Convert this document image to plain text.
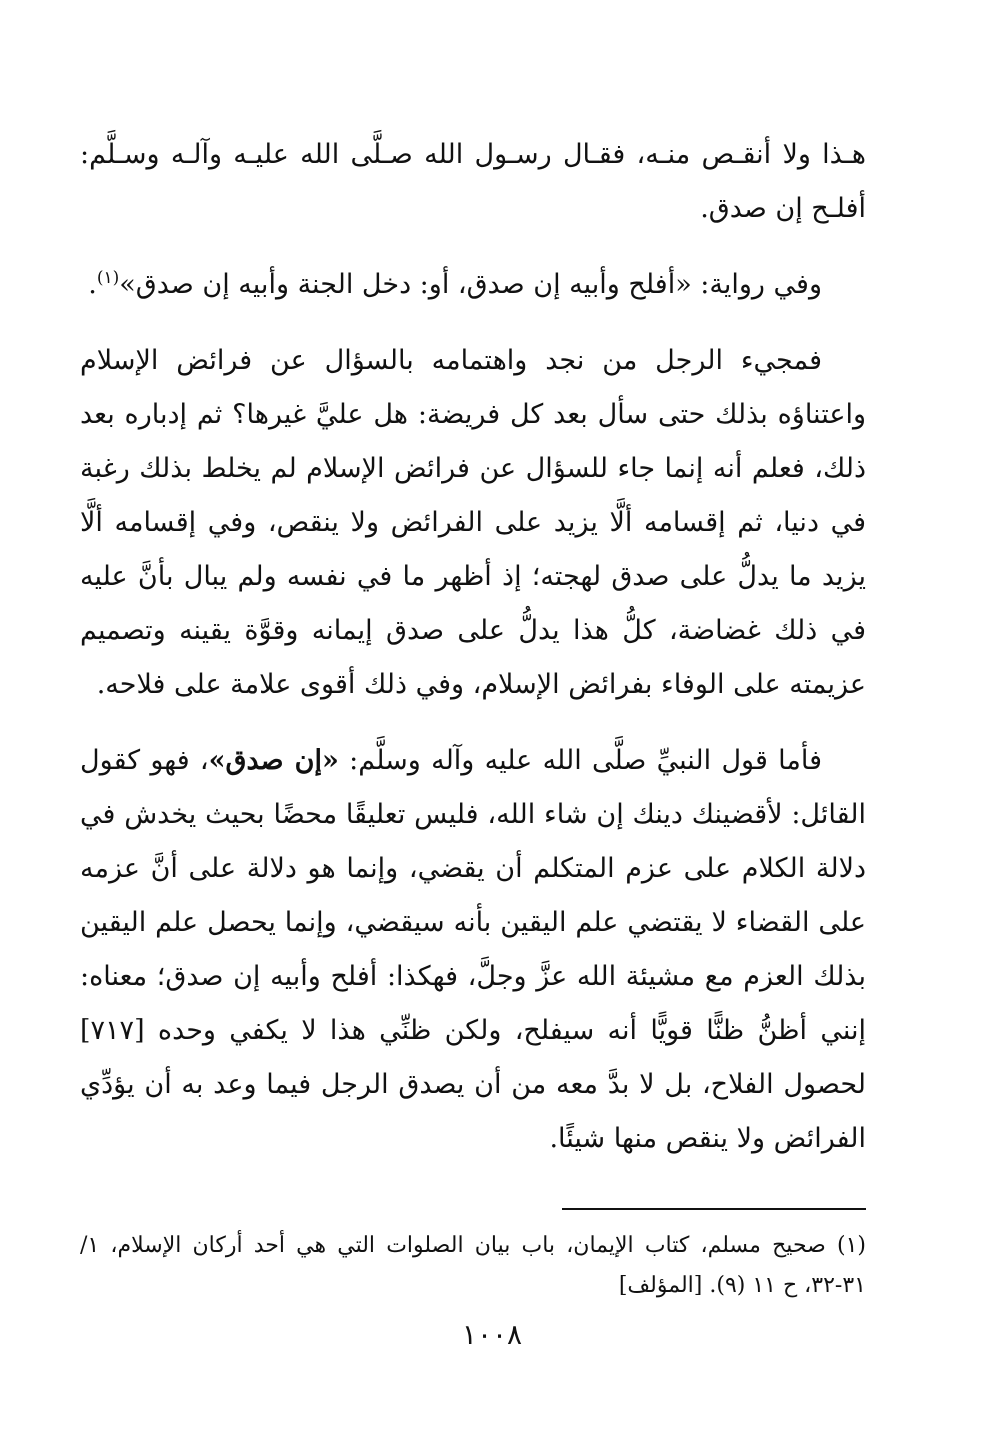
هـذا ولا أنقـص منـه، فقـال رسـول الله صـلَّى الله عليـه وآلـه وسـلَّم: أفلـح إن صدق.

وفي رواية: «أفلح وأبيه إن صدق، أو: دخل الجنة وأبيه إن صدق»$^{(١)}$.

فمجيء الرجل من نجد واهتمامه بالسؤال عن فرائض الإسلام واعتناؤه بذلك حتى سأل بعد كل فريضة: هل عليَّ غيرها؟ ثم إدباره بعد ذلك، فعلم أنه إنما جاء للسؤال عن فرائض الإسلام لم يخلط بذلك رغبة في دنيا، ثم إقسامه ألَّا يزيد على الفرائض ولا ينقص، وفي إقسامه ألَّا يزيد ما يدلُّ على صدق لهجته؛ إذ أظهر ما في نفسه ولم يبال بأنَّ عليه في ذلك غضاضة، كلُّ هذا يدلُّ على صدق إيمانه وقوَّة يقينه وتصميم عزيمته على الوفاء بفرائض الإسلام، وفي ذلك أقوى علامة على فلاحه.

فأما قول النبيِّ صلَّى الله عليه وآله وسلَّم: «إن صدق»، فهو كقول القائل: لأقضينك دينك إن شاء الله، فليس تعليقًا محضًا بحيث يخدش في دلالة الكلام على عزم المتكلم أن يقضي، وإنما هو دلالة على أنَّ عزمه على القضاء لا يقتضي علم اليقين بأنه سيقضي، وإنما يحصل علم اليقين بذلك العزم مع مشيئة الله عزَّ وجلَّ، فهكذا: أفلح وأبيه إن صدق؛ معناه: إنني أظنُّ ظنًّا قويًّا أنه سيفلح، ولكن ظنِّي هذا لا يكفي وحده [٧١٧] لحصول الفلاح، بل لا بدَّ معه من أن يصدق الرجل فيما وعد به أن يؤدِّي الفرائض ولا ينقص منها شيئًا.

(١) صحيح مسلم، كتاب الإيمان، باب بيان الصلوات التي هي أحد أركان الإسلام، ١/ ٣١-٣٢، ح ١١ (٩). [المؤلف]

١٠٠٨
